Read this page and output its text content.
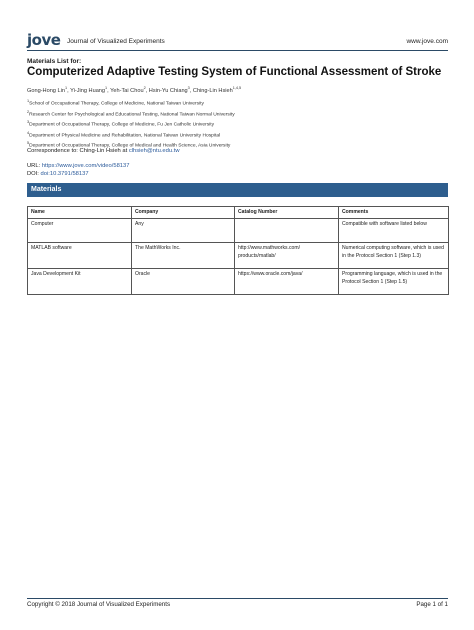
jove Journal of Visualized Experiments	www.jove.com
Materials List for:
Computerized Adaptive Testing System of Functional Assessment of Stroke
Gong-Hong Lin$^1$, Yi-Jing Huang$^1$, Yeh-Tai Chou$^2$, Hsin-Yu Chiang$^3$, Ching-Lin Hsieh$^{1,4,5}$
$^1$School of Occupational Therapy, College of Medicine, National Taiwan University
$^2$Research Center for Psychological and Educational Testing, National Taiwan Normal University
$^3$Department of Occupational Therapy, College of Medicine, Fu Jen Catholic University
$^4$Department of Physical Medicine and Rehabilitation, National Taiwan University Hospital
$^5$Department of Occupational Therapy, College of Medical and Health Science, Asia University
Correspondence to: Ching-Lin Hsieh at clhsieh@ntu.edu.tw
URL: https://www.jove.com/video/58137
DOI: doi:10.3791/58137
Materials
Name	Company	Catalog Number	Comments
Computer	Any		Compatible with software listed below
MATLAB software	The MathWorks Inc.	http://www.mathworks.com/ products/matlab/	Numerical computing software, which is used in the Protocol Section 1 (Step 1.3)
Java Development Kit	Oracle	https://www.oracle.com/java/	Programming language, which is used in the Protocol Section 1 (Step 1.5)
Copyright © 2018 Journal of Visualized Experiments	Page 1 of 1
